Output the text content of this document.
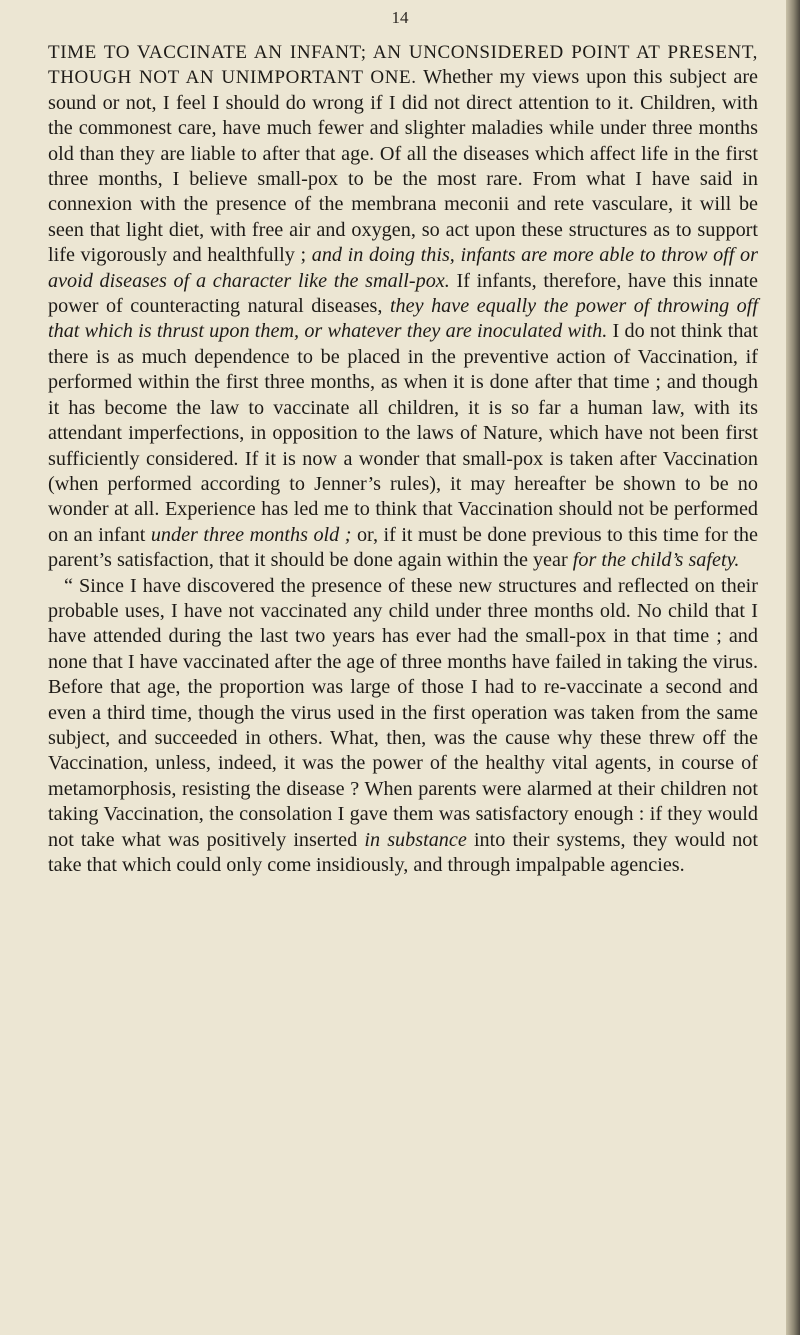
14

TIME TO VACCINATE AN INFANT; AN UNCONSIDERED POINT AT PRESENT, THOUGH NOT AN UNIMPORTANT ONE. Whether my views upon this subject are sound or not, I feel I should do wrong if I did not direct attention to it. Children, with the commonest care, have much fewer and slighter maladies while under three months old than they are liable to after that age. Of all the diseases which affect life in the first three months, I believe small-pox to be the most rare. From what I have said in connexion with the presence of the membrana meconii and rete vasculare, it will be seen that light diet, with free air and oxygen, so act upon these structures as to support life vigorously and healthfully ; and in doing this, infants are more able to throw off or avoid diseases of a character like the small-pox. If infants, therefore, have this innate power of counteracting natural diseases, they have equally the power of throwing off that which is thrust upon them, or whatever they are inoculated with. I do not think that there is as much dependence to be placed in the preventive action of Vaccination, if performed within the first three months, as when it is done after that time ; and though it has become the law to vaccinate all children, it is so far a human law, with its attendant imperfections, in opposition to the laws of Nature, which have not been first sufficiently considered. If it is now a wonder that small-pox is taken after Vaccination (when performed according to Jenner’s rules), it may hereafter be shown to be no wonder at all. Experience has led me to think that Vaccination should not be performed on an infant under three months old ; or, if it must be done previous to this time for the parent’s satisfaction, that it should be done again within the year for the child’s safety.

“ Since I have discovered the presence of these new structures and reflected on their probable uses, I have not vaccinated any child under three months old. No child that I have attended during the last two years has ever had the small-pox in that time ; and none that I have vaccinated after the age of three months have failed in taking the virus. Before that age, the proportion was large of those I had to re-vaccinate a second and even a third time, though the virus used in the first operation was taken from the same subject, and succeeded in others. What, then, was the cause why these threw off the Vaccination, unless, indeed, it was the power of the healthy vital agents, in course of metamorphosis, resisting the disease ? When parents were alarmed at their children not taking Vaccination, the consolation I gave them was satisfactory enough : if they would not take what was positively inserted in substance into their systems, they would not take that which could only come insidiously, and through impalpable agencies.
